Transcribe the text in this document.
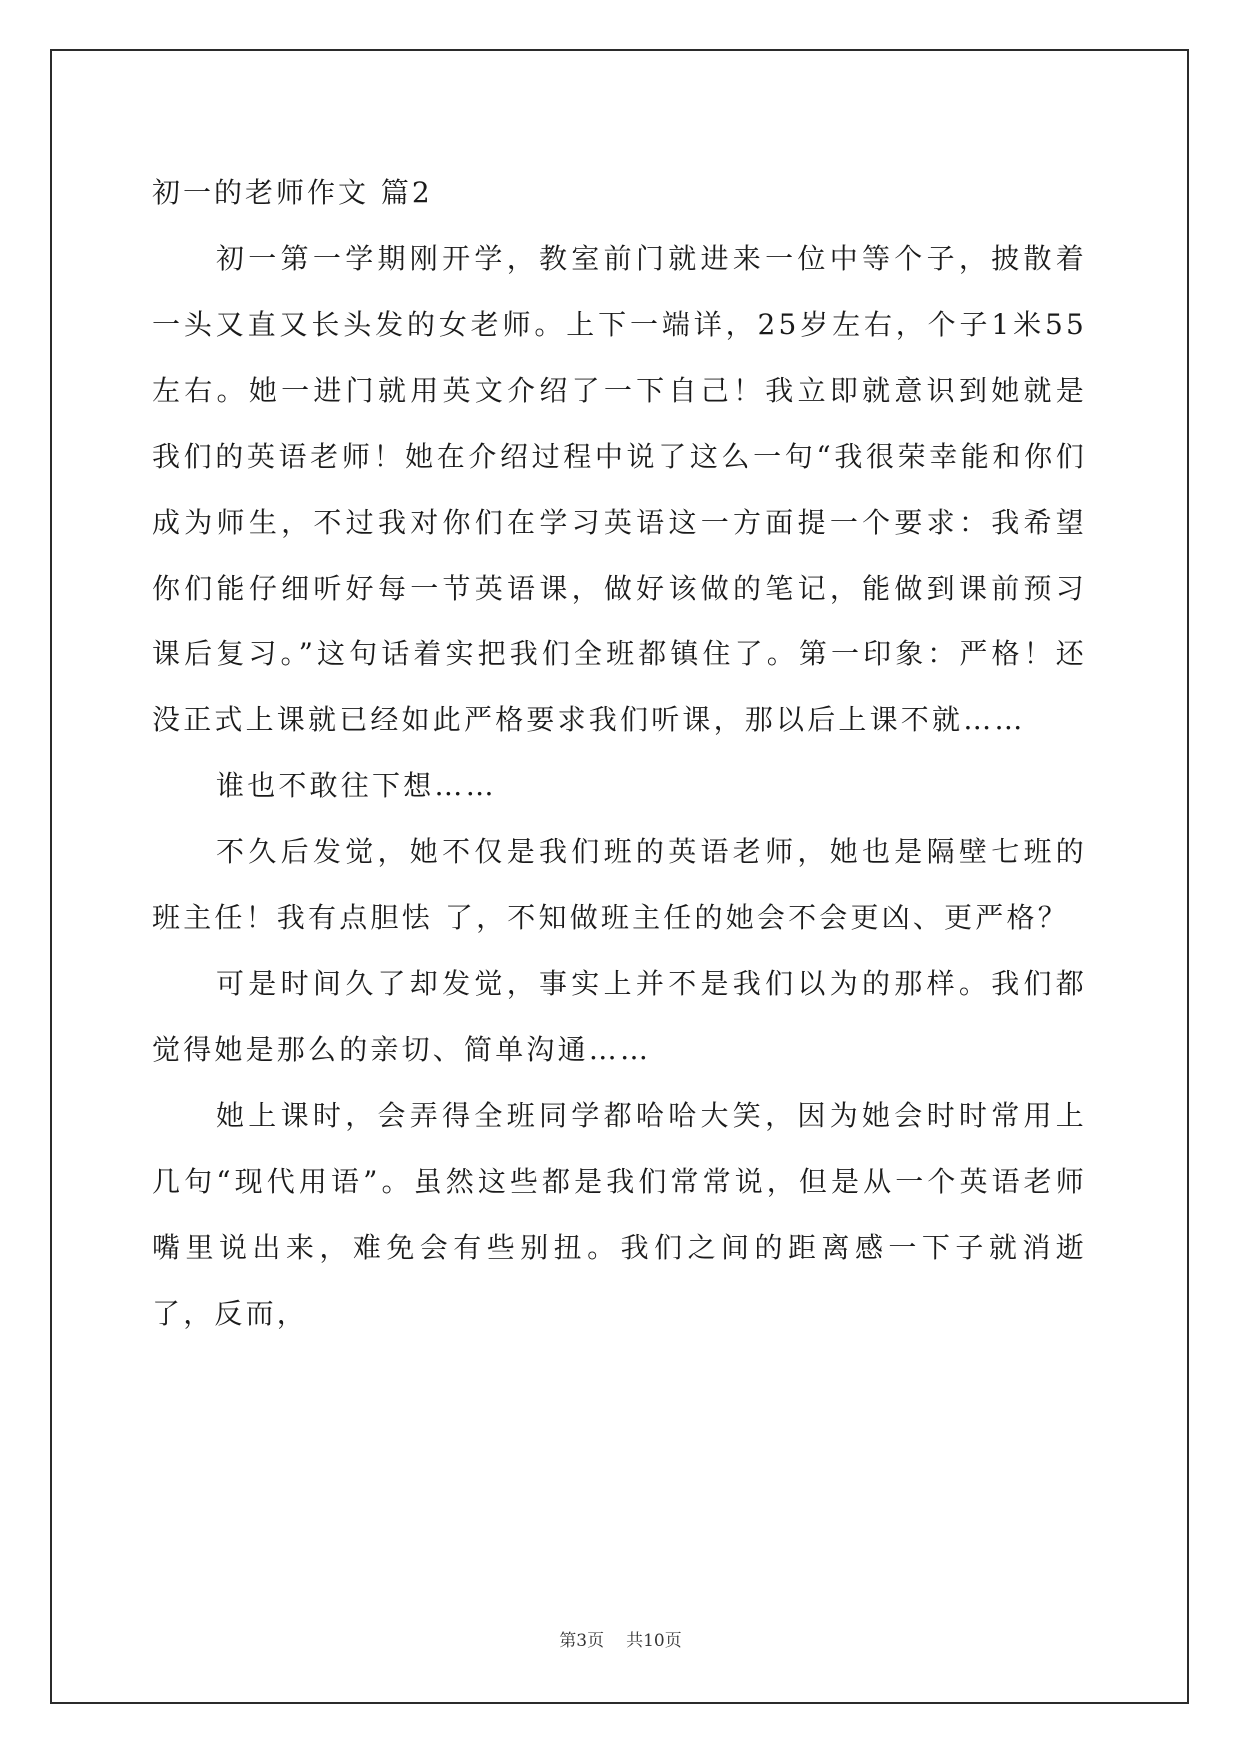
初一的老师作文 篇2

初一第一学期刚开学，教室前门就进来一位中等个子，披散着一头又直又长头发的女老师。上下一端详，25岁左右，个子1米55左右。她一进门就用英文介绍了一下自己！我立即就意识到她就是我们的英语老师！她在介绍过程中说了这么一句“我很荣幸能和你们成为师生，不过我对你们在学习英语这一方面提一个要求：我希望你们能仔细听好每一节英语课，做好该做的笔记，能做到课前预习课后复习。”这句话着实把我们全班都镇住了。第一印象：严格！还没正式上课就已经如此严格要求我们听课，那以后上课不就……

谁也不敢往下想……

不久后发觉，她不仅是我们班的英语老师，她也是隔壁七班的班主任！我有点胆怯 了，不知做班主任的她会不会更凶、更严格？

可是时间久了却发觉，事实上并不是我们以为的那样。我们都觉得她是那么的亲切、简单沟通……

她上课时，会弄得全班同学都哈哈大笑，因为她会时时常用上几句“现代用语”。虽然这些都是我们常常说，但是从一个英语老师嘴里说出来，难免会有些别扭。我们之间的距离感一下子就消逝了，反而，

第3页 共10页
